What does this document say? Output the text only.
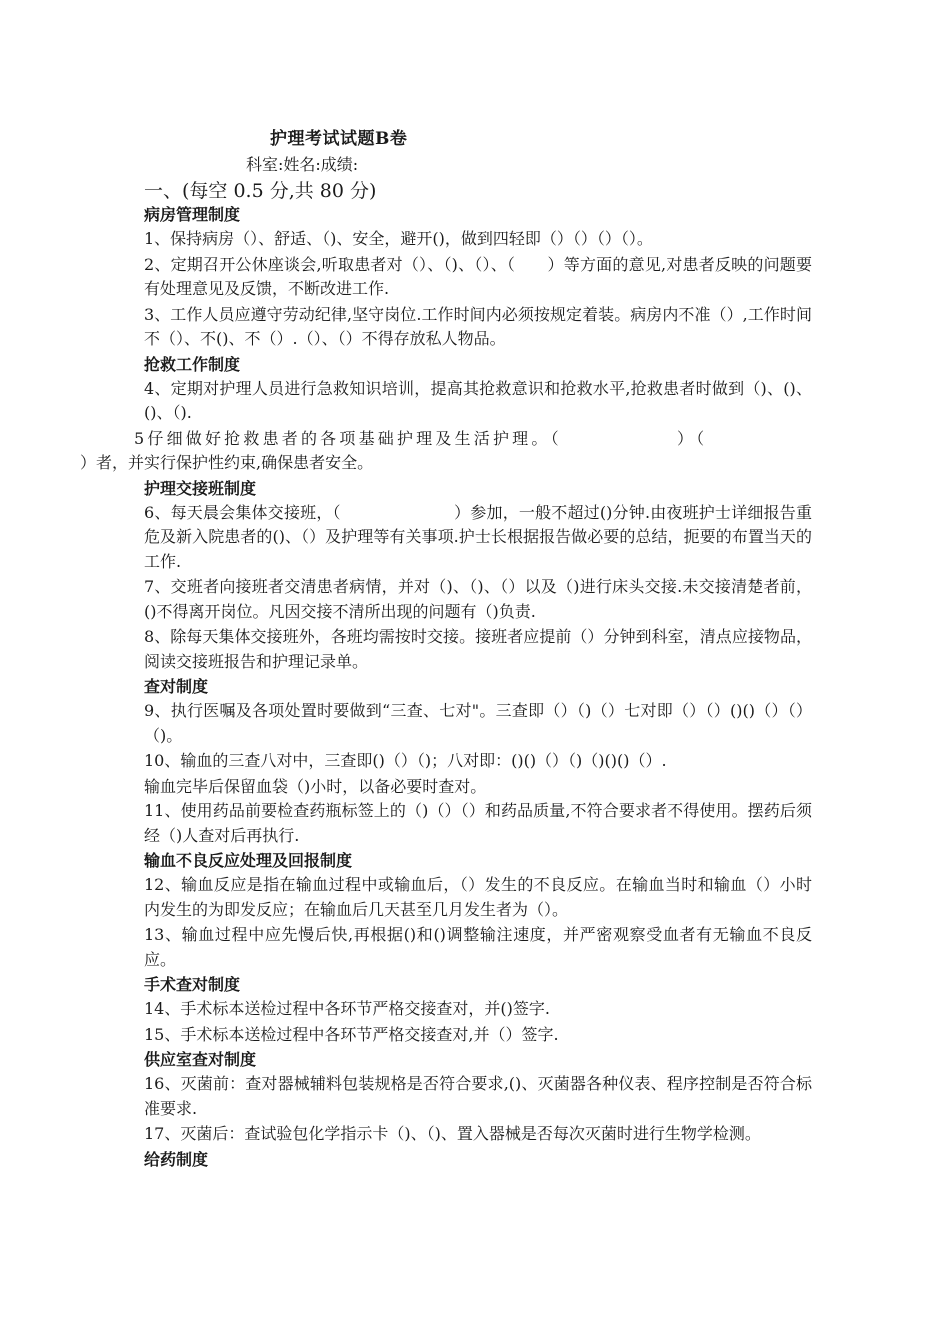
护理考试试题B卷
科室:姓名:成绩:
一、(每空 0.5 分,共 80 分)
病房管理制度

1、保持病房（）、舒适、（)、安全，避开()，做到四轻即（）（）（）（）。

2、定期召开公休座谈会,听取患者对（）、（)、（）、（　　）等方面的意见,对患者反映的问题要有处理意见及反馈，不断改进工作.

3、工作人员应遵守劳动纪律,坚守岗位.工作时间内必须按规定着装。病房内不准（）,工作时间不（）、不()、不（）.（）、（）不得存放私人物品。

抢救工作制度

4、定期对护理人员进行急救知识培训，提高其抢救意识和抢救水平,抢救患者时做到（)、()、()、（).

5仔细做好抢救患者的各项基础护理及生活护理。（　　　　　　）（

）者，并实行保护性约束,确保患者安全。

护理交接班制度

6、每天晨会集体交接班，（　　　　　　　）参加，一般不超过()分钟.由夜班护士详细报告重危及新入院患者的()、（）及护理等有关事项.护士长根据报告做必要的总结，扼要的布置当天的工作.

7、交班者向接班者交清患者病情，并对（)、（)、（）以及（)进行床头交接.未交接清楚者前，()不得离开岗位。凡因交接不清所出现的问题有（)负责.

8、除每天集体交接班外，各班均需按时交接。接班者应提前（）分钟到科室，清点应接物品，阅读交接班报告和护理记录单。

查对制度

9、执行医嘱及各项处置时要做到“三查、七对"。三查即（）（)（）七对即（）（）()()（）（）（)。

10、输血的三查八对中，三查即()（）（)；八对即：()()（）（)（)()()（）.

输血完毕后保留血袋（)小时，以备必要时查对。

11、使用药品前要检查药瓶标签上的（)（）（）和药品质量,不符合要求者不得使用。摆药后须经（)人查对后再执行.

输血不良反应处理及回报制度

12、输血反应是指在输血过程中或输血后，（）发生的不良反应。在输血当时和输血（）小时内发生的为即发反应；在输血后几天甚至几月发生者为（）。

13、输血过程中应先慢后快,再根据()和()调整输注速度，并严密观察受血者有无输血不良反应。

手术查对制度

14、手术标本送检过程中各环节严格交接查对，并()签字.

15、手术标本送检过程中各环节严格交接查对,并（）签字.

供应室查对制度

16、灭菌前：查对器械辅料包装规格是否符合要求,()、灭菌器各种仪表、程序控制是否符合标准要求.

17、灭菌后：查试验包化学指示卡（)、（)、置入器械是否每次灭菌时进行生物学检测。

给药制度
